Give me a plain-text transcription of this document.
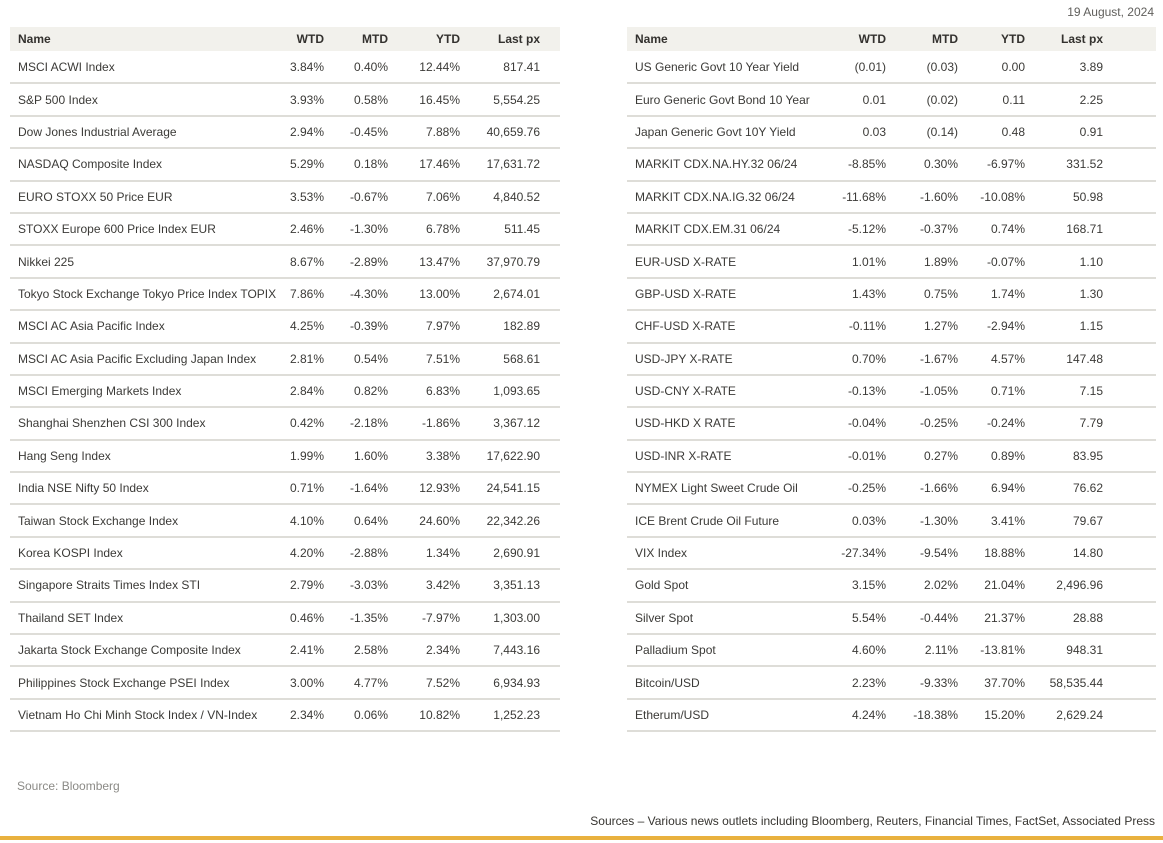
19 August, 2024
Name	WTD	MTD	YTD	Last px
MSCI ACWI Index	3.84%	0.40%	12.44%	817.41
S&P 500 Index	3.93%	0.58%	16.45%	5,554.25
Dow Jones Industrial Average	2.94%	-0.45%	7.88%	40,659.76
NASDAQ Composite Index	5.29%	0.18%	17.46%	17,631.72
EURO STOXX 50 Price EUR	3.53%	-0.67%	7.06%	4,840.52
STOXX Europe 600 Price Index EUR	2.46%	-1.30%	6.78%	511.45
Nikkei 225	8.67%	-2.89%	13.47%	37,970.79
Tokyo Stock Exchange Tokyo Price Index TOPIX	7.86%	-4.30%	13.00%	2,674.01
MSCI AC Asia Pacific Index	4.25%	-0.39%	7.97%	182.89
MSCI AC Asia Pacific Excluding Japan Index	2.81%	0.54%	7.51%	568.61
MSCI Emerging Markets Index	2.84%	0.82%	6.83%	1,093.65
Shanghai Shenzhen CSI 300 Index	0.42%	-2.18%	-1.86%	3,367.12
Hang Seng Index	1.99%	1.60%	3.38%	17,622.90
India NSE Nifty 50 Index	0.71%	-1.64%	12.93%	24,541.15
Taiwan Stock Exchange Index	4.10%	0.64%	24.60%	22,342.26
Korea KOSPI Index	4.20%	-2.88%	1.34%	2,690.91
Singapore Straits Times Index STI	2.79%	-3.03%	3.42%	3,351.13
Thailand SET Index	0.46%	-1.35%	-7.97%	1,303.00
Jakarta Stock Exchange Composite Index	2.41%	2.58%	2.34%	7,443.16
Philippines Stock Exchange PSEI Index	3.00%	4.77%	7.52%	6,934.93
Vietnam Ho Chi Minh Stock Index / VN-Index	2.34%	0.06%	10.82%	1,252.23
Name	WTD	MTD	YTD	Last px
US Generic Govt 10 Year Yield	(0.01)	(0.03)	0.00	3.89
Euro Generic Govt Bond 10 Year	0.01	(0.02)	0.11	2.25
Japan Generic Govt 10Y Yield	0.03	(0.14)	0.48	0.91
MARKIT CDX.NA.HY.32 06/24	-8.85%	0.30%	-6.97%	331.52
MARKIT CDX.NA.IG.32 06/24	-11.68%	-1.60%	-10.08%	50.98
MARKIT CDX.EM.31 06/24	-5.12%	-0.37%	0.74%	168.71
EUR-USD X-RATE	1.01%	1.89%	-0.07%	1.10
GBP-USD X-RATE	1.43%	0.75%	1.74%	1.30
CHF-USD X-RATE	-0.11%	1.27%	-2.94%	1.15
USD-JPY X-RATE	0.70%	-1.67%	4.57%	147.48
USD-CNY X-RATE	-0.13%	-1.05%	0.71%	7.15
USD-HKD X RATE	-0.04%	-0.25%	-0.24%	7.79
USD-INR X-RATE	-0.01%	0.27%	0.89%	83.95
NYMEX Light Sweet Crude Oil	-0.25%	-1.66%	6.94%	76.62
ICE Brent Crude Oil Future	0.03%	-1.30%	3.41%	79.67
VIX Index	-27.34%	-9.54%	18.88%	14.80
Gold Spot	3.15%	2.02%	21.04%	2,496.96
Silver Spot	5.54%	-0.44%	21.37%	28.88
Palladium Spot	4.60%	2.11%	-13.81%	948.31
Bitcoin/USD	2.23%	-9.33%	37.70%	58,535.44
Etherum/USD	4.24%	-18.38%	15.20%	2,629.24
Source: Bloomberg
Sources – Various news outlets including Bloomberg, Reuters, Financial Times, FactSet, Associated Press
